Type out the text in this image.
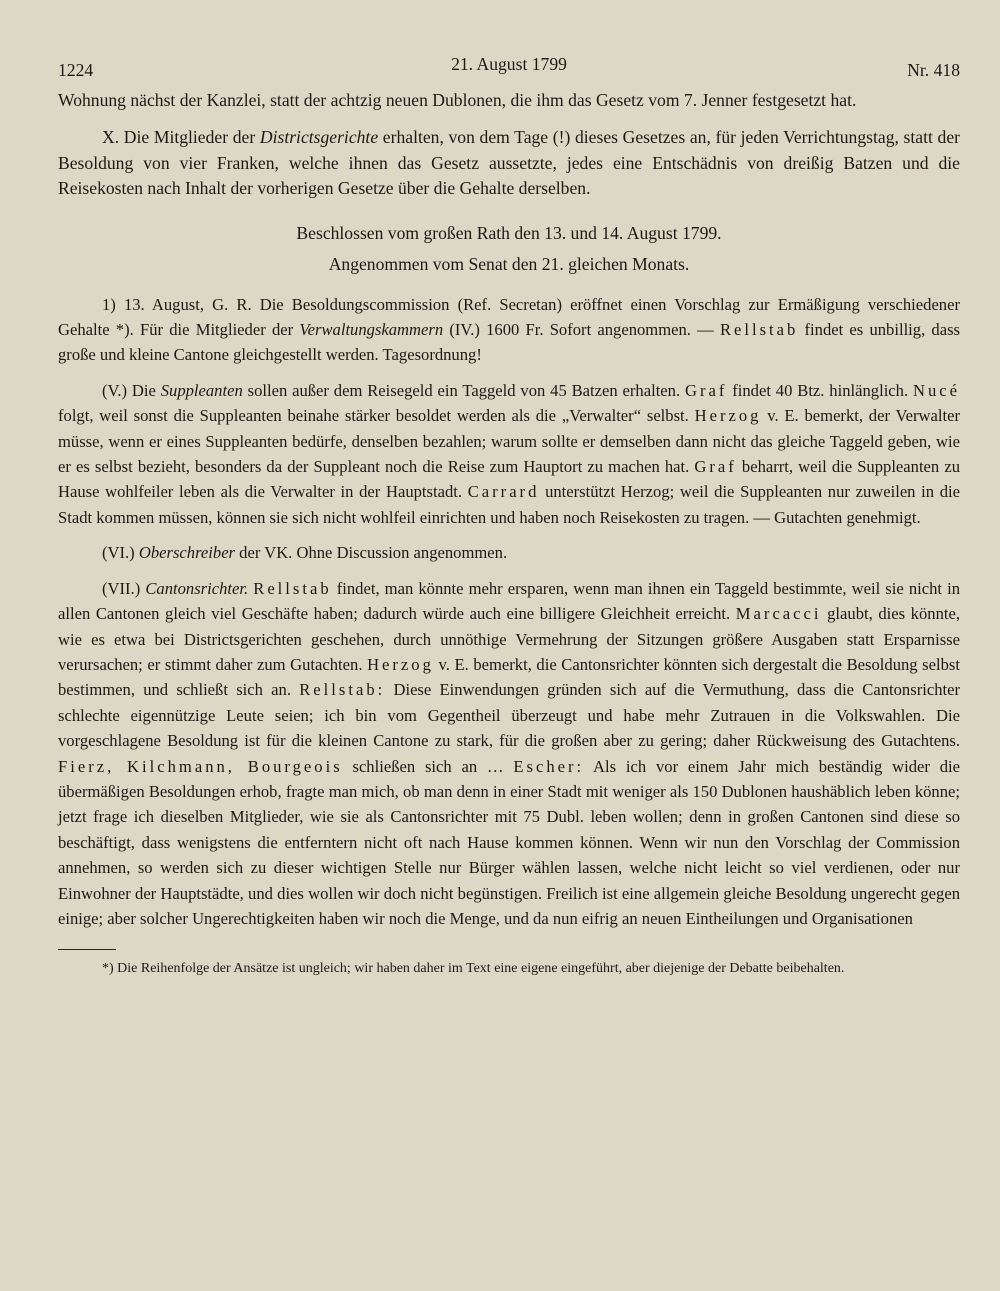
1224	21. August 1799	Nr. 418

Wohnung nächst der Kanzlei, statt der achtzig neuen Dublonen, die ihm das Gesetz vom 7. Jenner festgesetzt hat.

X. Die Mitglieder der Districtsgerichte erhalten, von dem Tage (!) dieses Gesetzes an, für jeden Verrichtungstag, statt der Besoldung von vier Franken, welche ihnen das Gesetz aussetzte, jedes eine Entschädnis von dreißig Batzen und die Reisekosten nach Inhalt der vorherigen Gesetze über die Gehalte derselben.

Beschlossen vom großen Rath den 13. und 14. August 1799.
Angenommen vom Senat den 21. gleichen Monats.

1) 13. August, G. R. Die Besoldungscommission (Ref. Secretan) eröffnet einen Vorschlag zur Ermäßigung verschiedener Gehalte *). Für die Mitglieder der Verwaltungskammern (IV.) 1600 Fr. Sofort angenommen. — Rellstab findet es unbillig, dass große und kleine Cantone gleichgestellt werden. Tagesordnung!

(V.) Die Suppleanten sollen außer dem Reisegeld ein Taggeld von 45 Batzen erhalten. Graf findet 40 Btz. hinlänglich. Nucé folgt, weil sonst die Suppleanten beinahe stärker besoldet werden als die „Verwalter“ selbst. Herzog v. E. bemerkt, der Verwalter müsse, wenn er eines Suppleanten bedürfe, denselben bezahlen; warum sollte er demselben dann nicht das gleiche Taggeld geben, wie er es selbst bezieht, besonders da der Suppleant noch die Reise zum Hauptort zu machen hat. Graf beharrt, weil die Suppleanten zu Hause wohlfeiler leben als die Verwalter in der Hauptstadt. Carrard unterstützt Herzog; weil die Suppleanten nur zuweilen in die Stadt kommen müssen, können sie sich nicht wohlfeil einrichten und haben noch Reisekosten zu tragen. — Gutachten genehmigt.

(VI.) Oberschreiber der VK. Ohne Discussion angenommen.

(VII.) Cantonsrichter. Rellstab findet, man könnte mehr ersparen, wenn man ihnen ein Taggeld bestimmte, weil sie nicht in allen Cantonen gleich viel Geschäfte haben; dadurch würde auch eine billigere Gleichheit erreicht. Marcacci glaubt, dies könnte, wie es etwa bei Districtsgerichten geschehen, durch unnöthige Vermehrung der Sitzungen größere Ausgaben statt Ersparnisse verursachen; er stimmt daher zum Gutachten. Herzog v. E. bemerkt, die Cantonsrichter könnten sich dergestalt die Besoldung selbst bestimmen, und schließt sich an. Rellstab: Diese Einwendungen gründen sich auf die Vermuthung, dass die Cantonsrichter schlechte eigennützige Leute seien; ich bin vom Gegentheil überzeugt und habe mehr Zutrauen in die Volkswahlen. Die vorgeschlagene Besoldung ist für die kleinen Cantone zu stark, für die großen aber zu gering; daher Rückweisung des Gutachtens. Fierz, Kilchmann, Bourgeois schließen sich an … Escher: Als ich vor einem Jahr mich beständig wider die übermäßigen Besoldungen erhob, fragte man mich, ob man denn in einer Stadt mit weniger als 150 Dublonen haushäblich leben könne; jetzt frage ich dieselben Mitglieder, wie sie als Cantonsrichter mit 75 Dubl. leben wollen; denn in großen Cantonen sind diese so beschäftigt, dass wenigstens die entferntern nicht oft nach Hause kommen können. Wenn wir nun den Vorschlag der Commission annehmen, so werden sich zu dieser wichtigen Stelle nur Bürger wählen lassen, welche nicht leicht so viel verdienen, oder nur Einwohner der Hauptstädte, und dies wollen wir doch nicht begünstigen. Freilich ist eine allgemein gleiche Besoldung ungerecht gegen einige; aber solcher Ungerechtigkeiten haben wir noch die Menge, und da nun eifrig an neuen Eintheilungen und Organisationen

*) Die Reihenfolge der Ansätze ist ungleich; wir haben daher im Text eine eigene eingeführt, aber diejenige der Debatte beibehalten.
